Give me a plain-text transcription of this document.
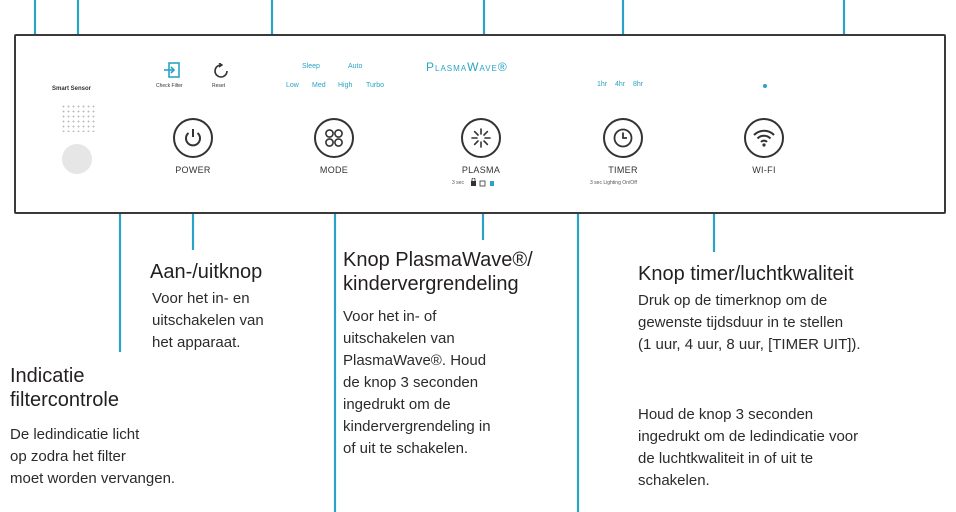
Smart Sensor	Check Filter	Reset
Sleep	Auto
Low Med High Turbo
PlasmaWave®
1hr 4hr 8hr
POWER	MODE	PLASMA
3 sec
TIMER
3 sec Lighting On/Off
WI-FI
Aan-/uitknop
Voor het in- en
uitschakelen van
het apparaat.
Indicatie
filtercontrole
De ledindicatie licht
op zodra het filter
moet worden vervangen.
Knop PlasmaWave®/
kindervergrendeling
Voor het in- of
uitschakelen van
PlasmaWave®. Houd
de knop 3 seconden
ingedrukt om de
kindervergrendeling in
of uit te schakelen.
Knop timer/luchtkwaliteit
Druk op de timerknop om de
gewenste tijdsduur in te stellen
(1 uur, 4 uur, 8 uur, [TIMER UIT]).
Houd de knop 3 seconden
ingedrukt om de ledindicatie voor
de luchtkwaliteit in of uit te
schakelen.
